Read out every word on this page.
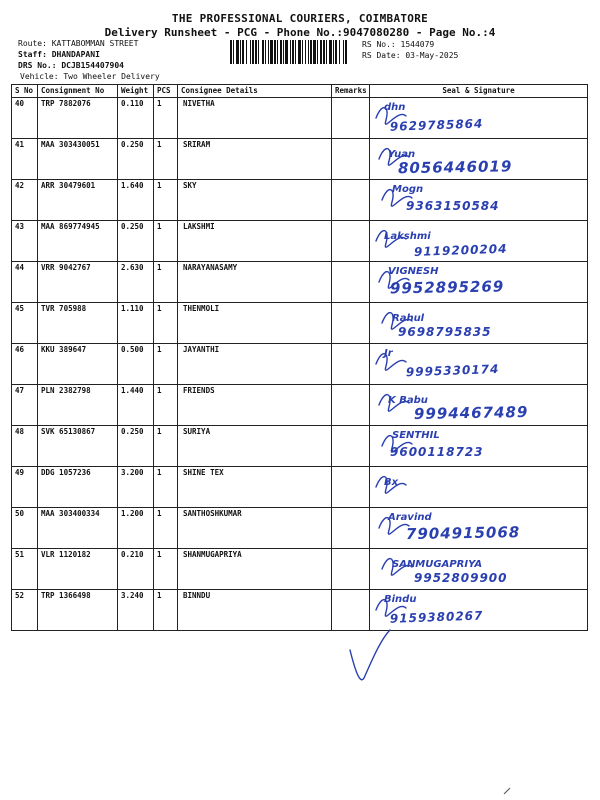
THE PROFESSIONAL COURIERS, COIMBATORE
Delivery Runsheet - PCG - Phone No.:9047080280 - Page No.:4
Route: KATTABOMMAN STREET
Staff: DHANDAPANI
DRS No.: DCJB154407904
Vehicle: Two Wheeler Delivery
RS No.: 1544079
RS Date: 03-May-2025
S No	Consignment No	Weight	PCS	Consignee Details	Remarks	Seal & Signature
40	TRP 7882076	0.110	1	NIVETHA		dhn
9629785864

41	MAA 303430051	0.250	1	SRIRAM		Yuan
8056446019

42	ARR 30479601	1.640	1	SKY		Mogn
9363150584

43	MAA 869774945	0.250	1	LAKSHMI		Lakshmi
9119200204

44	VRR 9042767	2.630	1	NARAYANASAMY		VIGNESH
9952895269

45	TVR 705988	1.110	1	THENMOLI		Rahul
9698795835

46	KKU 389647	0.500	1	JAYANTHI		Jr
9995330174

47	PLN 2382798	1.440	1	FRIENDS		K Babu
9994467489

48	SVK 65130867	0.250	1	SURIYA		SENTHIL
9600118723

49	DDG 1057236	3.200	1	SHINE TEX		Bx

50	MAA 303400334	1.200	1	SANTHOSHKUMAR		Aravind
7904915068

51	VLR 1120182	0.210	1	SHANMUGAPRIYA		SANMUGAPRIYA
9952809900

52	TRP 1366498	3.240	1	BINNDU		Bindu
9159380267
